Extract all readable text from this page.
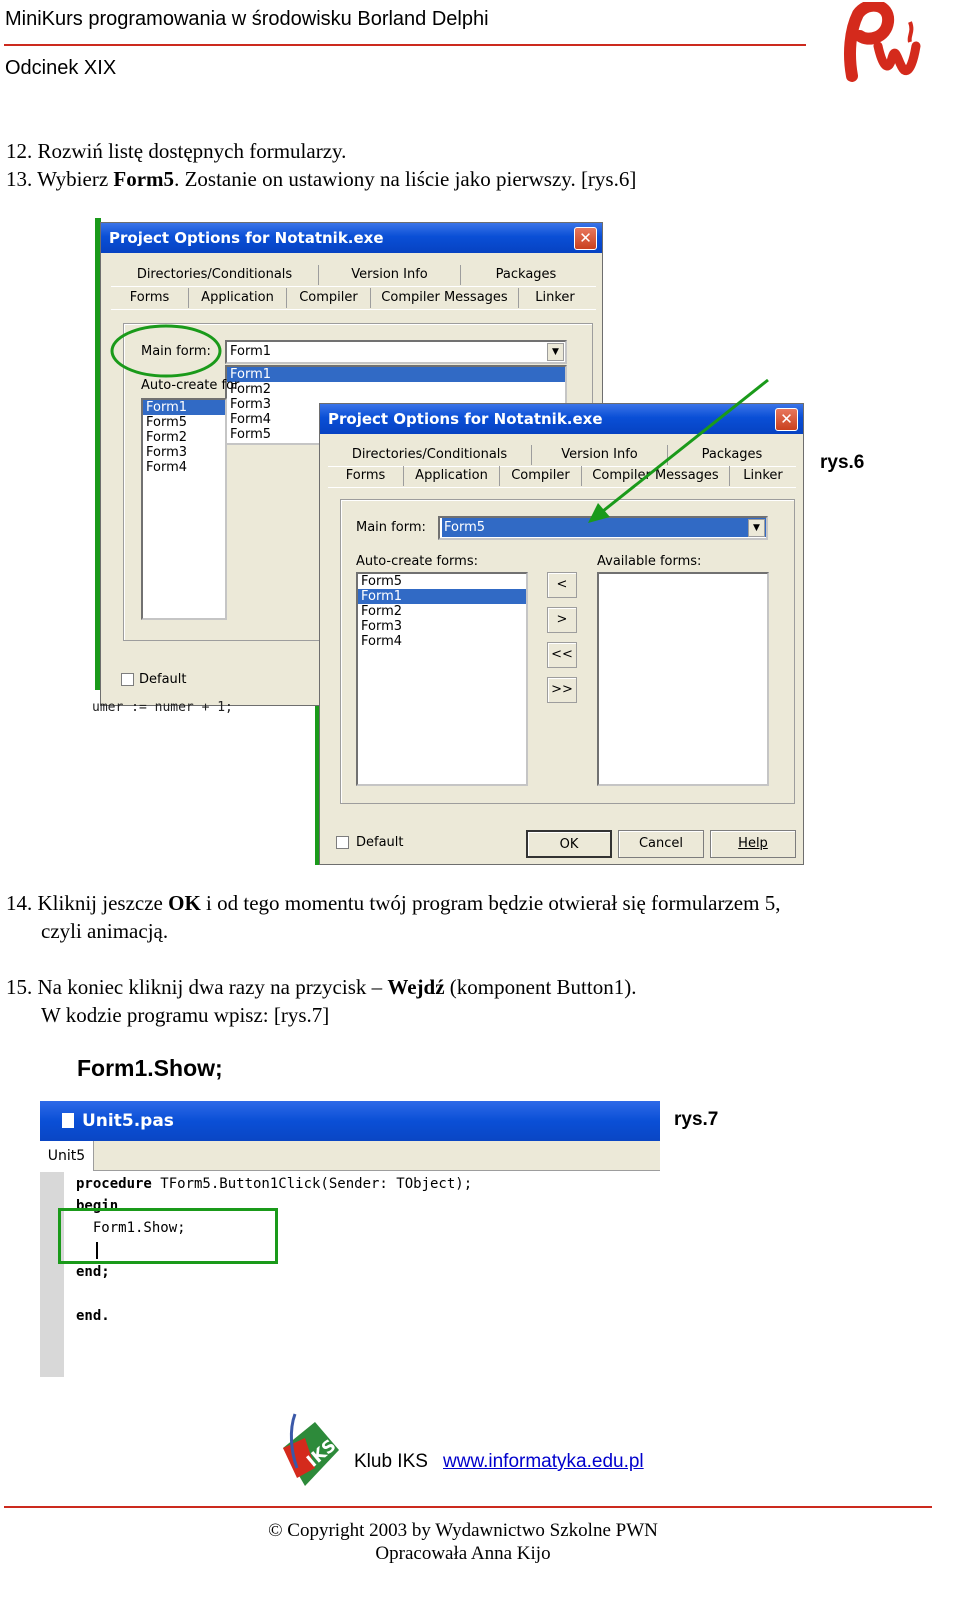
MiniKurs programowania w środowisku Borland Delphi
Odcinek XIX
12. Rozwiń listę dostępnych formularzy.
13. Wybierz Form5. Zostanie on ustawiony na liście jako pierwszy. [rys.6]
Project Options for Notatnik.exe	✕
Directories/Conditionals	Version Info	Packages
Forms	Application	Compiler	Compiler Messages	Linker
Main form:	Form1	▼
Form1
Form2
Form3
Form4
Form5
Auto-create for
Form1
Form5
Form2
Form3
Form4
Default
umer := numer + 1;
Project Options for Notatnik.exe	✕
Directories/Conditionals	Version Info	Packages
Forms	Application	Compiler	Compiler Messages	Linker
Main form: Form5	▼
Auto-create forms:	Available forms:
Form5
Form1
Form2
Form3
Form4
<
>
<<
>>
Default	OK	Cancel	Help
rys.6
14. Kliknij jeszcze OK i od tego momentu twój program będzie otwierał się formularzem 5,
czyli animacją.
15. Na koniec kliknij dwa razy na przycisk – Wejdź (komponent Button1).
W kodzie programu wpisz: [rys.7]
Form1.Show;
Unit5.pas
Unit5
procedure TForm5.Button1Click(Sender: TObject);
begin
Form1.Show;
end;
end.
rys.7
IKS Klub IKS www.informatyka.edu.pl
© Copyright 2003 by Wydawnictwo Szkolne PWN
Opracowała Anna Kijo
